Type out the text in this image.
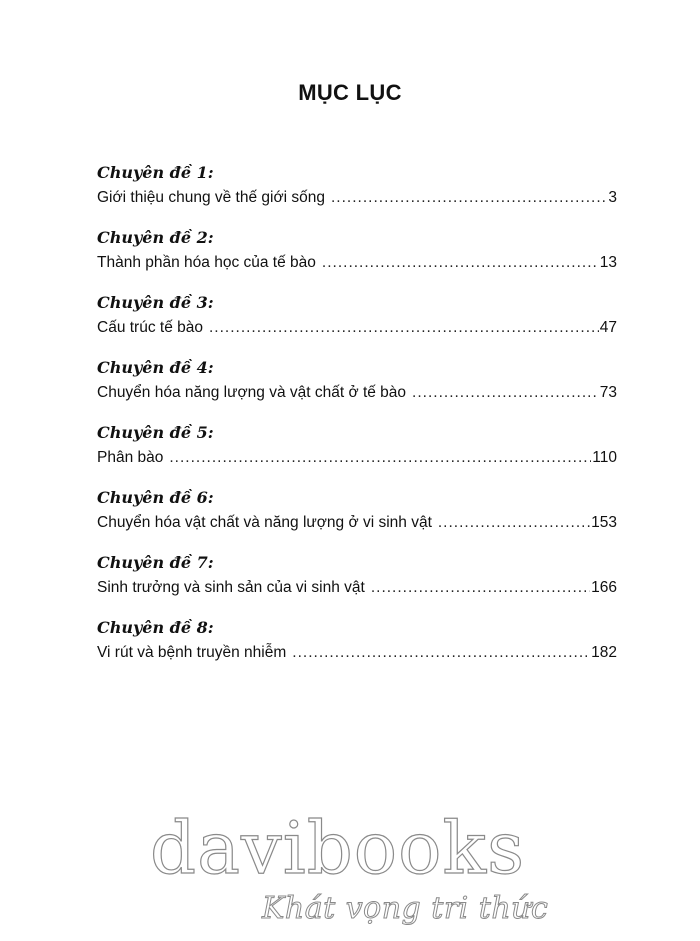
MỤC LỤC
Chuyên đề 1:
Giới thiệu chung về thế giới sống .....	3
Chuyên đề 2:
Thành phần hóa học của tế bào .....	13
Chuyên đề 3:
Cấu trúc tế bào .....	47
Chuyên đề 4:
Chuyển hóa năng lượng và vật chất ở tế bào .....	73
Chuyên đề 5:
Phân bào .....	110
Chuyên đề 6:
Chuyển hóa vật chất và năng lượng ở vi sinh vật .....	153
Chuyên đề 7:
Sinh trưởng và sinh sản của vi sinh vật .....	166
Chuyên đề 8:
Vi rút và bệnh truyền nhiễm .....	182
davibooks
Khát vọng tri thức
